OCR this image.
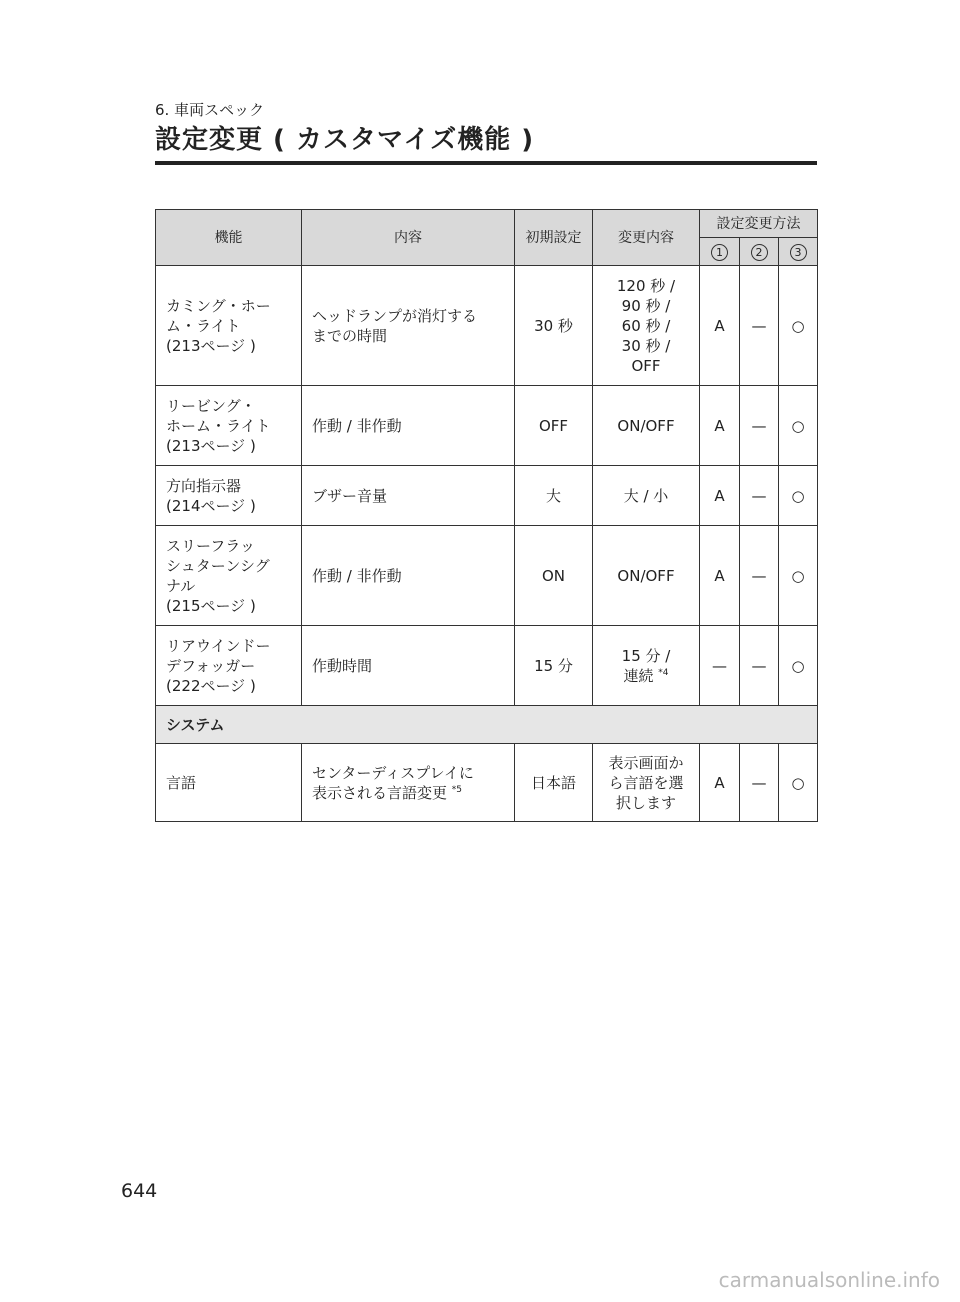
6. 車両スペック

設定変更 ( カスタマイズ機能 )
機能	内容	初期設定	変更内容	設定変更方法		
				1	2	3

カミング・ホー
ム・ライト
(213ページ )	ヘッドランプが消灯する
までの時間	30 秒	120 秒 /
90 秒 /
60 秒 /
30 秒 /
OFF	A	—	○

リービング・
ホーム・ライト
(213ページ )	作動 / 非作動	OFF	ON/OFF	A	—	○

方向指示器
(214ページ )	ブザー音量	大	大 / 小	A	—	○

スリーフラッ
シュターンシグ
ナル
(215ページ )	作動 / 非作動	ON	ON/OFF	A	—	○

リアウインドー
デフォッガー
(222ページ )	作動時間	15 分	15 分 /
連続 $^{*4}$	—	—	○
システム						

言語	センターディスプレイに
表示される言語変更 $^{*5}$	日本語	表示画面か
ら言語を選
択します	A	—	○
644
carmanualsonline.info
